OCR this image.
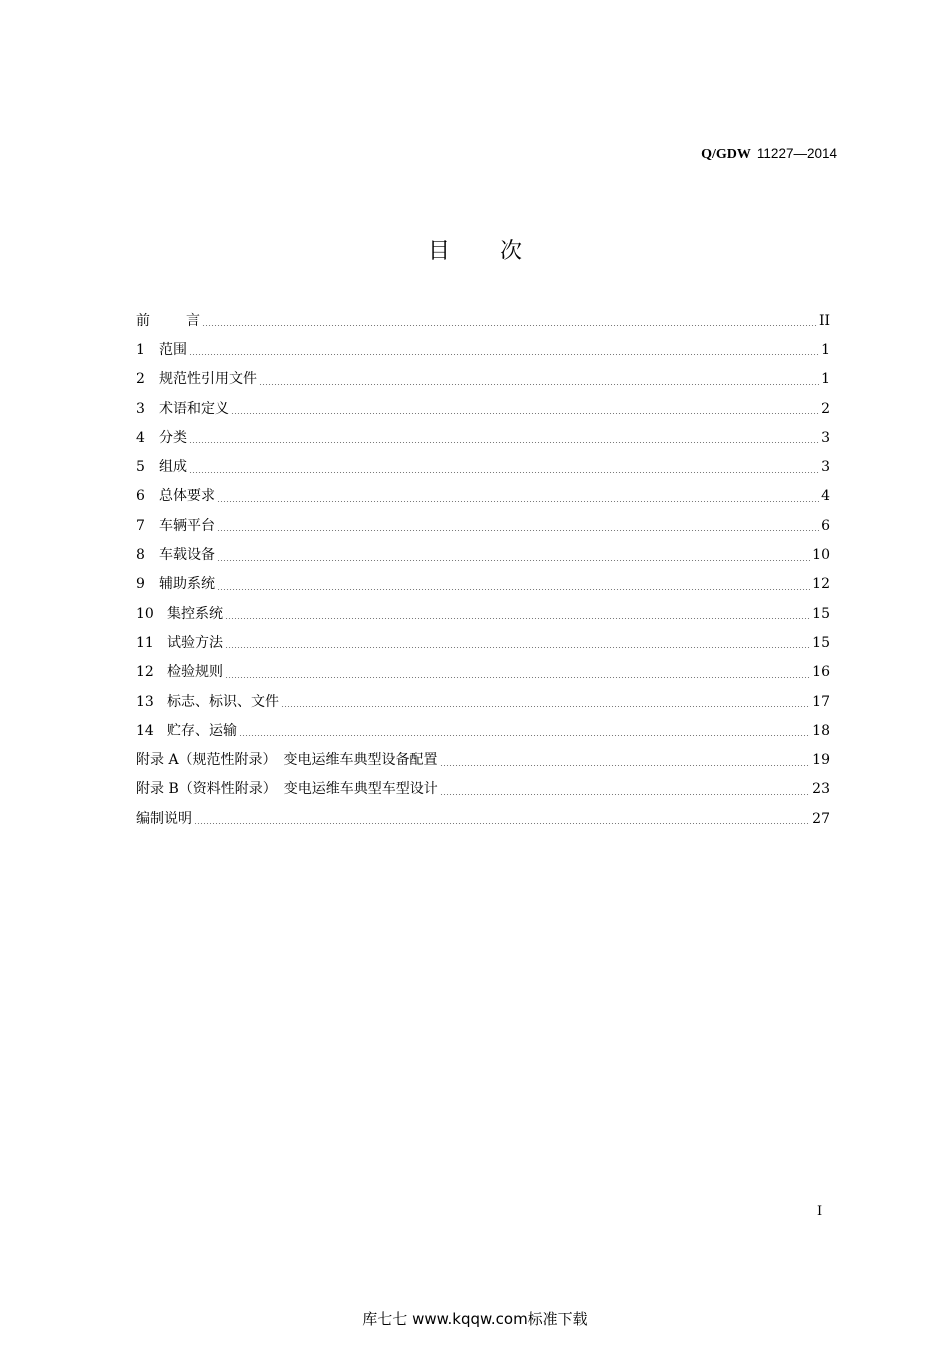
Q/GDW 11227—2014
目 次
前	言	II
1	范围	1
2	规范性引用文件	1
3	术语和定义	2
4	分类	3
5	组成	3
6	总体要求	4
7	车辆平台	6
8	车载设备	10
9	辅助系统	12
10 集控系统	15
11 试验方法	15
12 检验规则	16
13 标志、标识、文件	17
14 贮存、运输	18
附录 A（规范性附录）　变电运维车典型设备配置	19
附录 B（资料性附录）　变电运维车典型车型设计	23
编制说明	27
I
库七七 www.kqqw.com标准下载
